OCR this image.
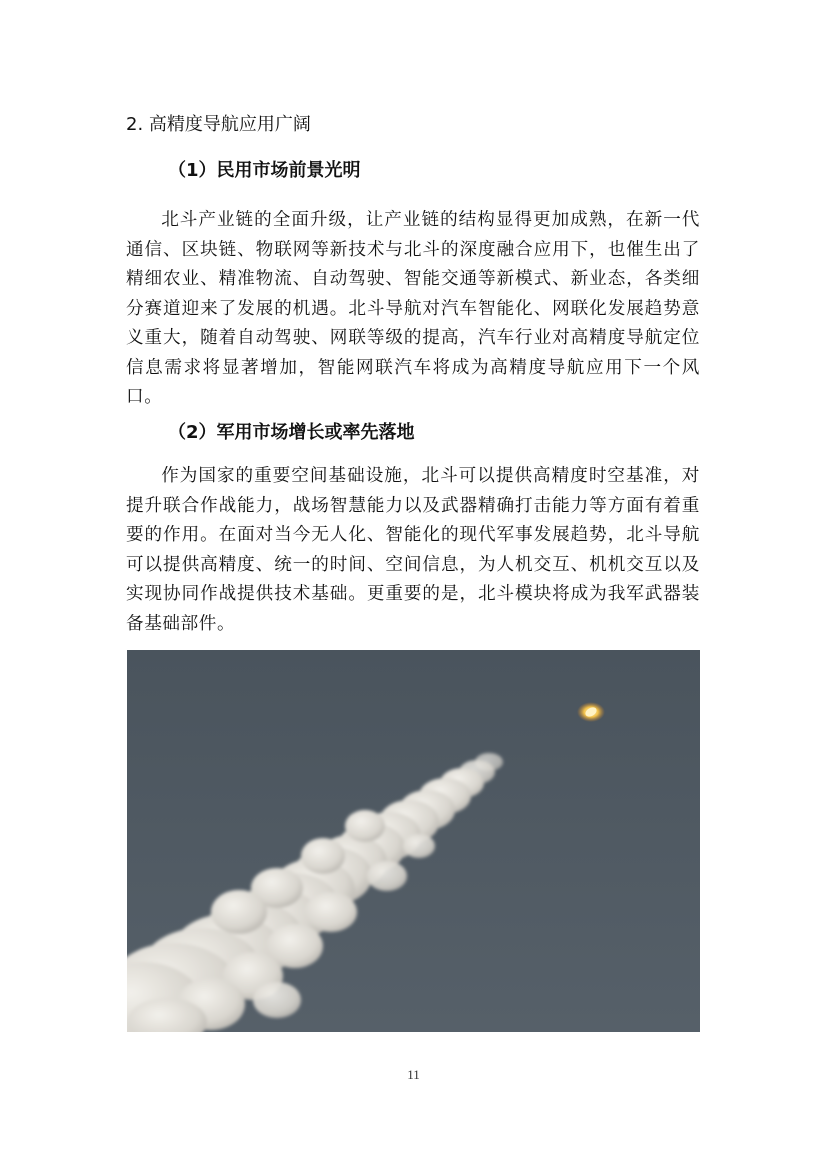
2. 高精度导航应用广阔
（1）民用市场前景光明

北斗产业链的全面升级，让产业链的结构显得更加成熟，在新一代通信、区块链、物联网等新技术与北斗的深度融合应用下，也催生出了精细农业、精准物流、自动驾驶、智能交通等新模式、新业态，各类细分赛道迎来了发展的机遇。北斗导航对汽车智能化、网联化发展趋势意义重大，随着自动驾驶、网联等级的提高，汽车行业对高精度导航定位信息需求将显著增加，智能网联汽车将成为高精度导航应用下一个风口。

（2）军用市场增长或率先落地

作为国家的重要空间基础设施，北斗可以提供高精度时空基准，对提升联合作战能力，战场智慧能力以及武器精确打击能力等方面有着重要的作用。在面对当今无人化、智能化的现代军事发展趋势，北斗导航可以提供高精度、统一的时间、空间信息，为人机交互、机机交互以及实现协同作战提供技术基础。更重要的是，北斗模块将成为我军武器装备基础部件。

11
